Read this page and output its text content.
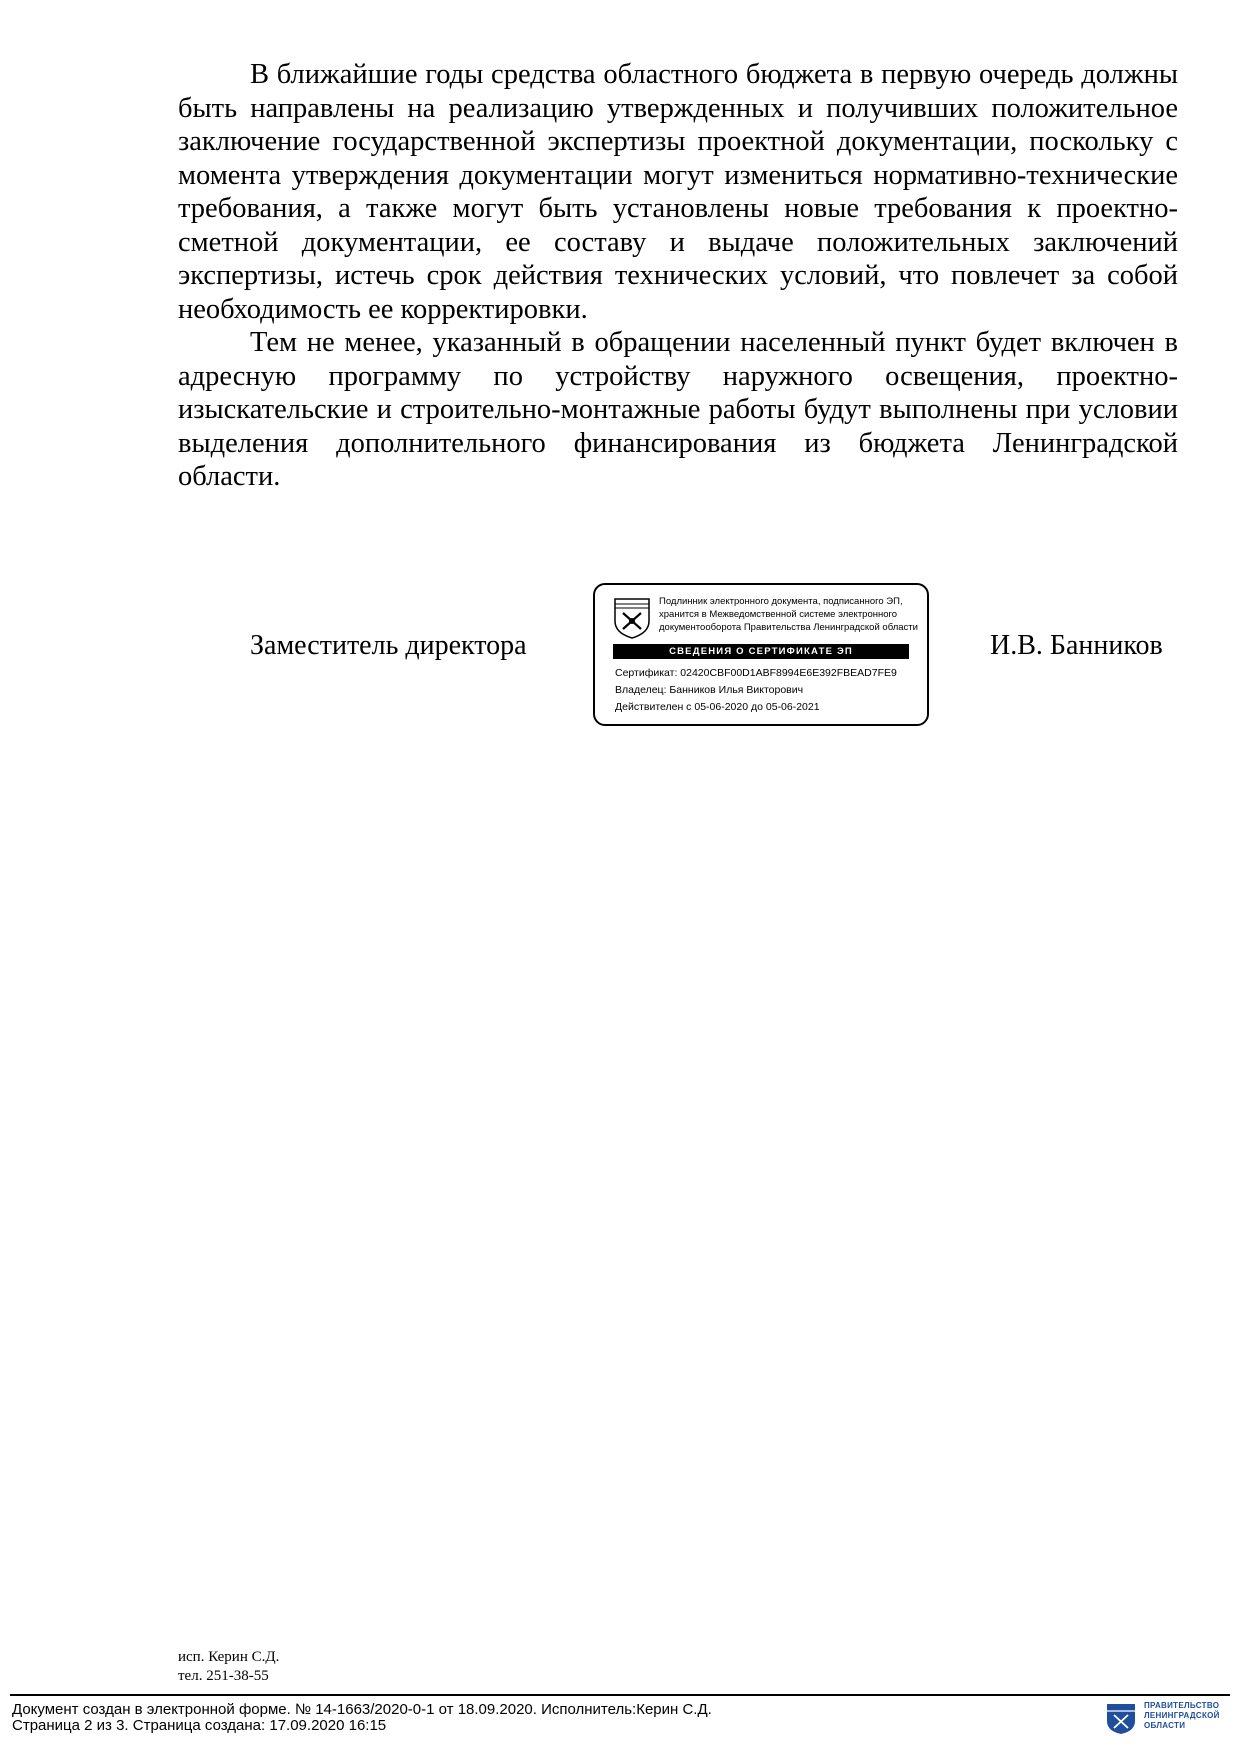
В ближайшие годы средства областного бюджета в первую очередь должны быть направлены на реализацию утвержденных и получивших положительное заключение государственной экспертизы проектной документации, поскольку с момента утверждения документации могут измениться нормативно-технические требования, а также могут быть установлены новые требования к проектно-сметной документации, ее составу и выдаче положительных заключений экспертизы, истечь срок действия технических условий, что повлечет за собой необходимость ее корректировки.

Тем не менее, указанный в обращении населенный пункт будет включен в адресную программу по устройству наружного освещения, проектно-изыскательские и строительно-монтажные работы будут выполнены при условии выделения дополнительного финансирования из бюджета Ленинградской области.

Заместитель директора
Подлинник электронного документа, подписанного ЭП,
хранится в Межведомственной системе электронного
документооборота Правительства Ленинградской области
СВЕДЕНИЯ О СЕРТИФИКАТЕ ЭП
Сертификат: 02420CBF00D1ABF8994E6E392FBEAD7FE9
Владелец: Банников Илья Викторович
Действителен с 05-06-2020 до 05-06-2021
И.В. Банников
исп. Керин С.Д.
тел. 251-38-55
Документ создан в электронной форме. № 14-1663/2020-0-1 от 18.09.2020. Исполнитель:Керин С.Д.
Страница 2 из 3. Страница создана: 17.09.2020 16:15
ПРАВИТЕЛЬСТВО
ЛЕНИНГРАДСКОЙ
ОБЛАСТИ
